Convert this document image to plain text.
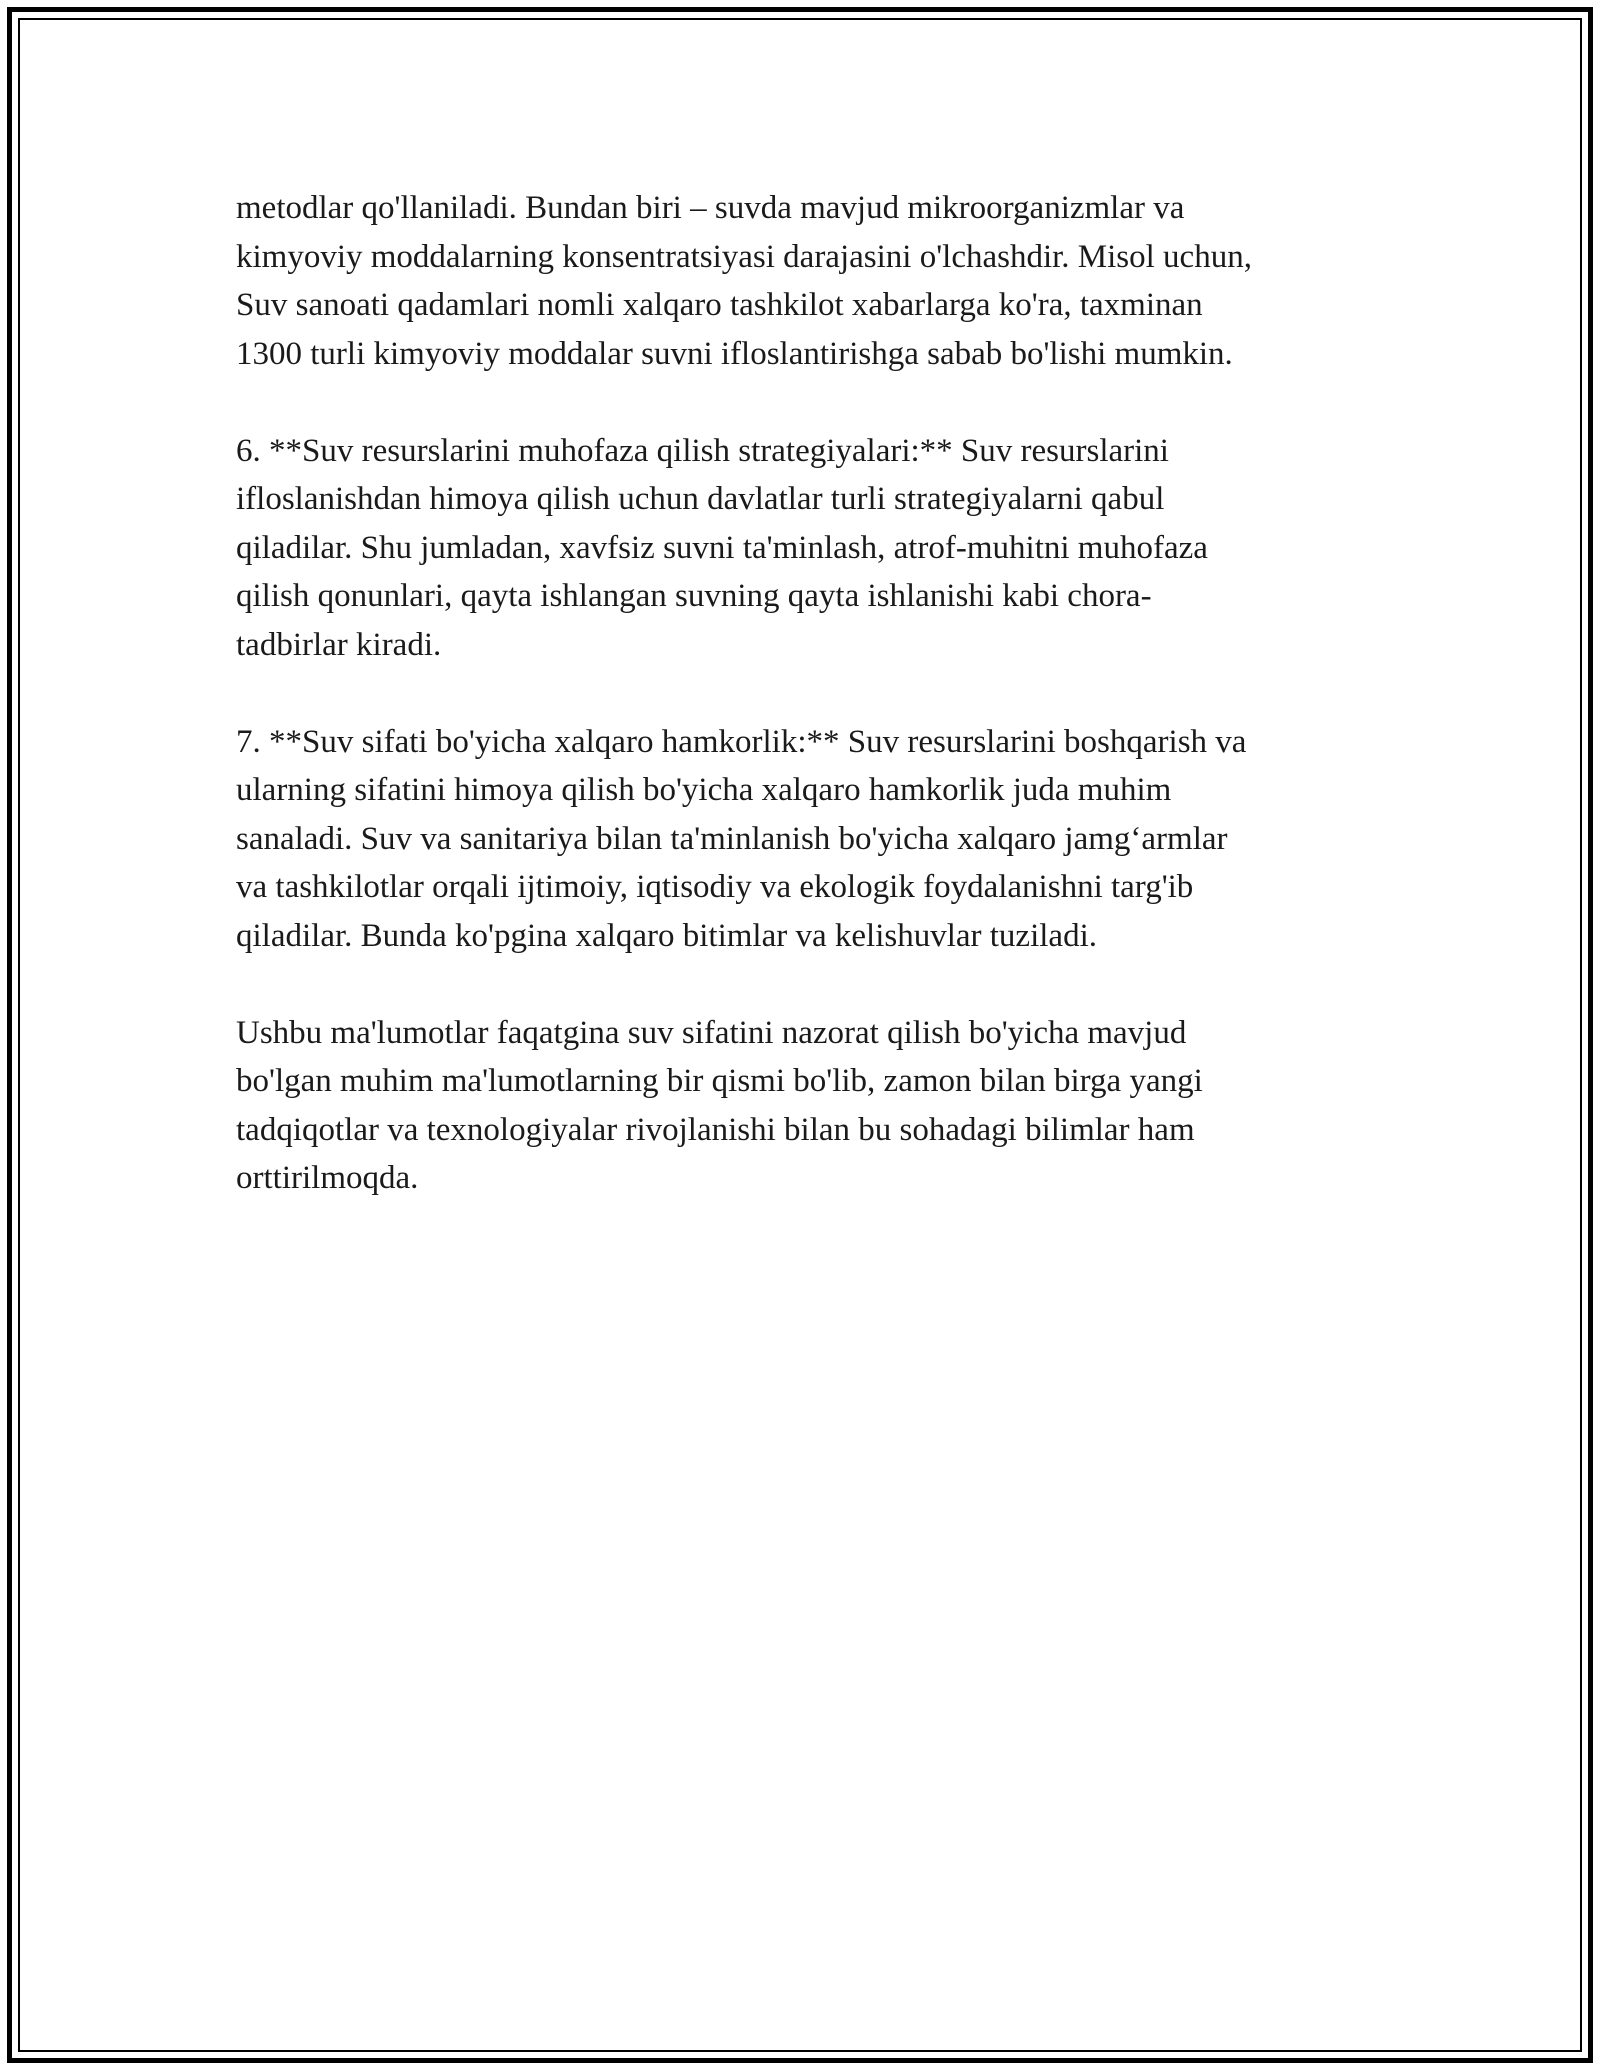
metodlar qo'llaniladi. Bundan biri – suvda mavjud mikroorganizmlar va
kimyoviy moddalarning konsentratsiyasi darajasini o'lchashdir. Misol uchun,
Suv sanoati qadamlari nomli xalqaro tashkilot xabarlarga ko'ra, taxminan
1300 turli kimyoviy moddalar suvni ifloslantirishga sabab bo'lishi mumkin.

6. **Suv resurslarini muhofaza qilish strategiyalari:** Suv resurslarini
ifloslanishdan himoya qilish uchun davlatlar turli strategiyalarni qabul
qiladilar. Shu jumladan, xavfsiz suvni ta'minlash, atrof-muhitni muhofaza
qilish qonunlari, qayta ishlangan suvning qayta ishlanishi kabi chora-
tadbirlar kiradi.

7. **Suv sifati bo'yicha xalqaro hamkorlik:** Suv resurslarini boshqarish va
ularning sifatini himoya qilish bo'yicha xalqaro hamkorlik juda muhim
sanaladi. Suv va sanitariya bilan ta'minlanish bo'yicha xalqaro jamg‘armlar
va tashkilotlar orqali ijtimoiy, iqtisodiy va ekologik foydalanishni targ'ib
qiladilar. Bunda ko'pgina xalqaro bitimlar va kelishuvlar tuziladi.

Ushbu ma'lumotlar faqatgina suv sifatini nazorat qilish bo'yicha mavjud
bo'lgan muhim ma'lumotlarning bir qismi bo'lib, zamon bilan birga yangi
tadqiqotlar va texnologiyalar rivojlanishi bilan bu sohadagi bilimlar ham
orttirilmoqda.
